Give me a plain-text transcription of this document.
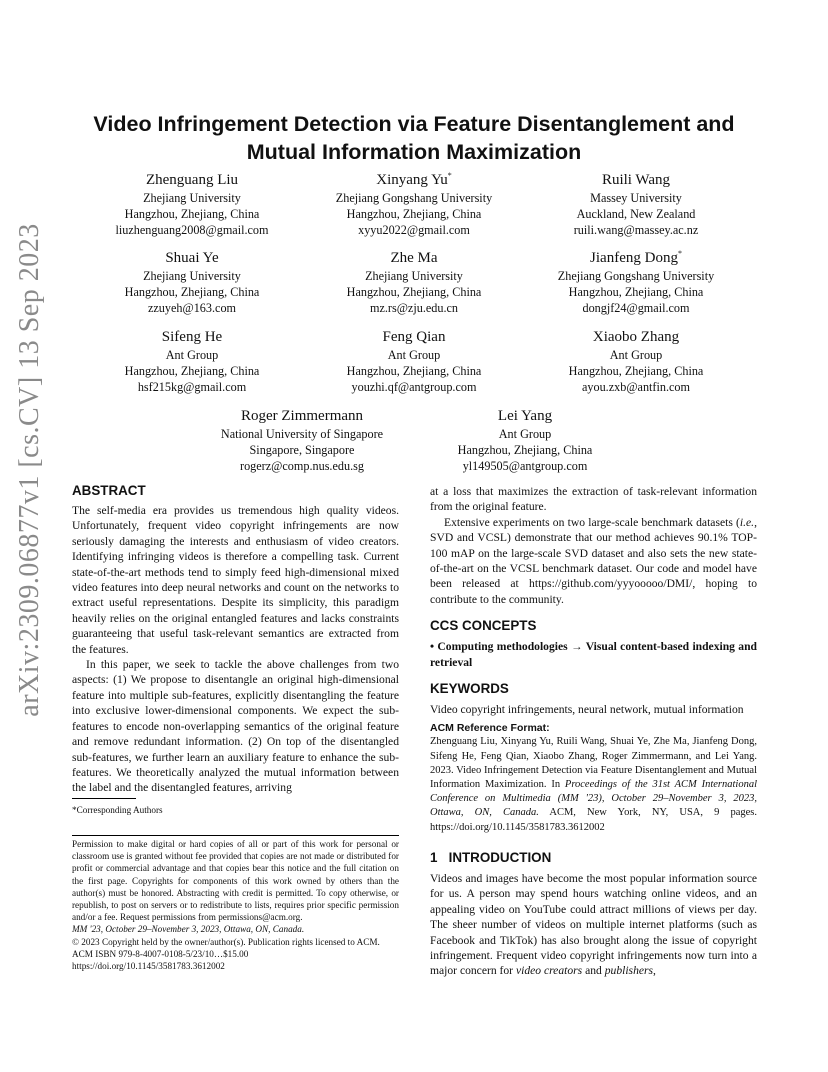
arXiv:2309.06877v1 [cs.CV] 13 Sep 2023
Video Infringement Detection via Feature Disentanglement and
Mutual Information Maximization
Zhenguang Liu
Zhejiang University
Hangzhou, Zhejiang, China
liuzhenguang2008@gmail.com
Xinyang Yu*
Zhejiang Gongshang University
Hangzhou, Zhejiang, China
xyyu2022@gmail.com
Ruili Wang
Massey University
Auckland, New Zealand
ruili.wang@massey.ac.nz
Shuai Ye
Zhejiang University
Hangzhou, Zhejiang, China
zzuyeh@163.com
Zhe Ma
Zhejiang University
Hangzhou, Zhejiang, China
mz.rs@zju.edu.cn
Jianfeng Dong*
Zhejiang Gongshang University
Hangzhou, Zhejiang, China
dongjf24@gmail.com
Sifeng He
Ant Group
Hangzhou, Zhejiang, China
hsf215kg@gmail.com
Feng Qian
Ant Group
Hangzhou, Zhejiang, China
youzhi.qf@antgroup.com
Xiaobo Zhang
Ant Group
Hangzhou, Zhejiang, China
ayou.zxb@antfin.com
Roger Zimmermann
National University of Singapore
Singapore, Singapore
rogerz@comp.nus.edu.sg
Lei Yang
Ant Group
Hangzhou, Zhejiang, China
yl149505@antgroup.com

ABSTRACT

The self-media era provides us tremendous high quality videos. Unfortunately, frequent video copyright infringements are now seriously damaging the interests and enthusiasm of video creators. Identifying infringing videos is therefore a compelling task. Current state-of-the-art methods tend to simply feed high-dimensional mixed video features into deep neural networks and count on the networks to extract useful representations. Despite its simplicity, this paradigm heavily relies on the original entangled features and lacks constraints guaranteeing that useful task-relevant semantics are extracted from the features.

In this paper, we seek to tackle the above challenges from two aspects: (1) We propose to disentangle an original high-dimensional feature into multiple sub-features, explicitly disentangling the feature into exclusive lower-dimensional components. We expect the sub-features to encode non-overlapping semantics of the original feature and remove redundant information. (2) On top of the disentangled sub-features, we further learn an auxiliary feature to enhance the sub-features. We theoretically analyzed the mutual information between the label and the disentangled features, arriving

*Corresponding Authors

Permission to make digital or hard copies of all or part of this work for personal or classroom use is granted without fee provided that copies are not made or distributed for profit or commercial advantage and that copies bear this notice and the full citation on the first page. Copyrights for components of this work owned by others than the author(s) must be honored. Abstracting with credit is permitted. To copy otherwise, or republish, to post on servers or to redistribute to lists, requires prior specific permission and/or a fee. Request permissions from permissions@acm.org.

MM '23, October 29–November 3, 2023, Ottawa, ON, Canada.

© 2023 Copyright held by the owner/author(s). Publication rights licensed to ACM.

ACM ISBN 979-8-4007-0108-5/23/10…$15.00

https://doi.org/10.1145/3581783.3612002

at a loss that maximizes the extraction of task-relevant information from the original feature.

Extensive experiments on two large-scale benchmark datasets (i.e., SVD and VCSL) demonstrate that our method achieves 90.1% TOP-100 mAP on the large-scale SVD dataset and also sets the new state-of-the-art on the VCSL benchmark dataset. Our code and model have been released at https://github.com/yyyooooo/DMI/, hoping to contribute to the community.

CCS CONCEPTS

• Computing methodologies → Visual content-based indexing and retrieval

KEYWORDS

Video copyright infringements, neural network, mutual information

ACM Reference Format:

Zhenguang Liu, Xinyang Yu, Ruili Wang, Shuai Ye, Zhe Ma, Jianfeng Dong, Sifeng He, Feng Qian, Xiaobo Zhang, Roger Zimmermann, and Lei Yang. 2023. Video Infringement Detection via Feature Disentanglement and Mutual Information Maximization. In Proceedings of the 31st ACM International Conference on Multimedia (MM '23), October 29–November 3, 2023, Ottawa, ON, Canada. ACM, New York, NY, USA, 9 pages. https://doi.org/10.1145/3581783.3612002

1   INTRODUCTION

Videos and images have become the most popular information source for us. A person may spend hours watching online videos, and an appealing video on YouTube could attract millions of views per day. The sheer number of videos on multiple internet platforms (such as Facebook and TikTok) has also brought along the issue of copyright infringement. Frequent video copyright infringements now turn into a major concern for video creators and publishers,
